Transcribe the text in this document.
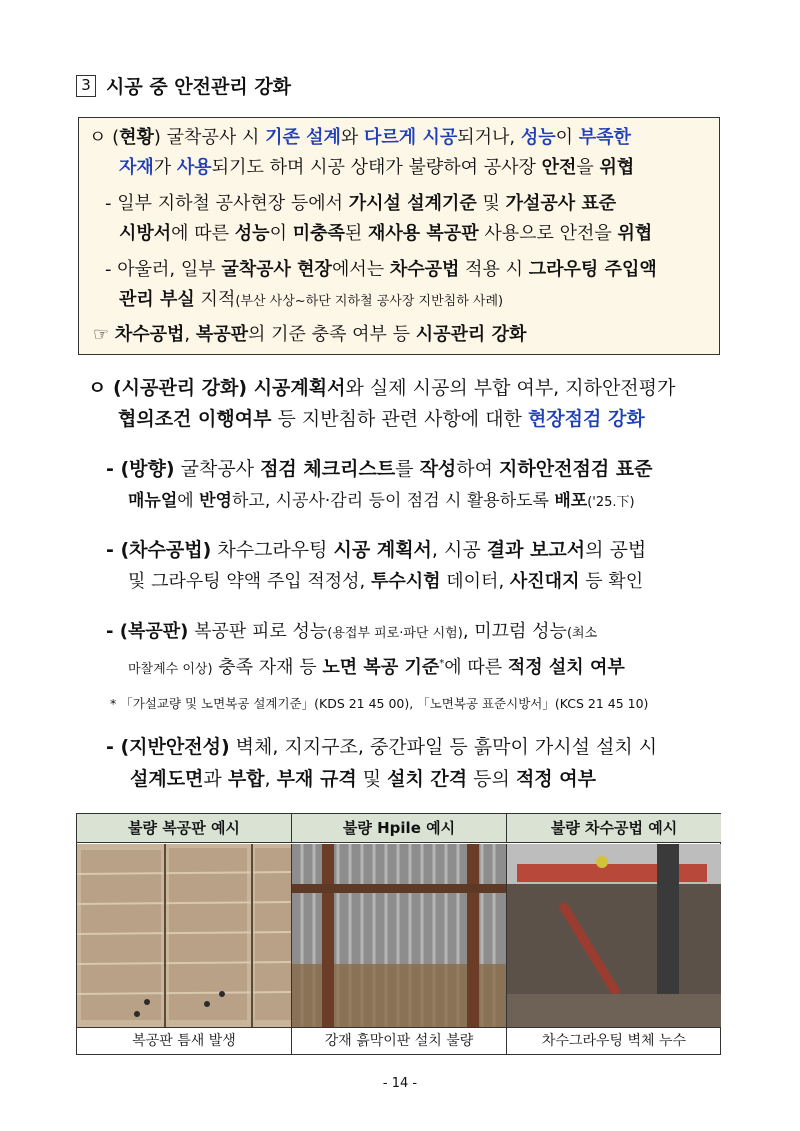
3 시공 중 안전관리 강화
ㅇ (현황) 굴착공사 시 기존 설계와 다르게 시공되거나, 성능이 부족한
자재가 사용되기도 하며 시공 상태가 불량하여 공사장 안전을 위협
- 일부 지하철 공사현장 등에서 가시설 설계기준 및 가설공사 표준
시방서에 따른 성능이 미충족된 재사용 복공판 사용으로 안전을 위협
- 아울러, 일부 굴착공사 현장에서는 차수공법 적용 시 그라우팅 주입액
관리 부실 지적(부산 사상~하단 지하철 공사장 지반침하 사례)
☞ 차수공법, 복공판의 기준 충족 여부 등 시공관리 강화
ㅇ (시공관리 강화) 시공계획서와 실제 시공의 부합 여부, 지하안전평가
협의조건 이행여부 등 지반침하 관련 사항에 대한 현장점검 강화
- (방향) 굴착공사 점검 체크리스트를 작성하여 지하안전점검 표준
매뉴얼에 반영하고, 시공사·감리 등이 점검 시 활용하도록 배포('25.下)
- (차수공법) 차수그라우팅 시공 계획서, 시공 결과 보고서의 공법
및 그라우팅 약액 주입 적정성, 투수시험 데이터, 사진대지 등 확인
- (복공판) 복공판 피로 성능(용접부 피로·파단 시험), 미끄럼 성능(최소
마찰계수 이상) 충족 자재 등 노면 복공 기준*에 따른 적정 설치 여부
* 「가설교량 및 노면복공 설계기준」(KDS 21 45 00), 「노면복공 표준시방서」(KCS 21 45 10)
- (지반안전성) 벽체, 지지구조, 중간파일 등 흙막이 가시설 설치 시
설계도면과 부합, 부재 규격 및 설치 간격 등의 적정 여부
불량 복공판 예시	불량 Hpile 예시	불량 차수공법 예시
복공판 틈새 발생	강재 흙막이판 설치 불량	차수그라우팅 벽체 누수
- 14 -
